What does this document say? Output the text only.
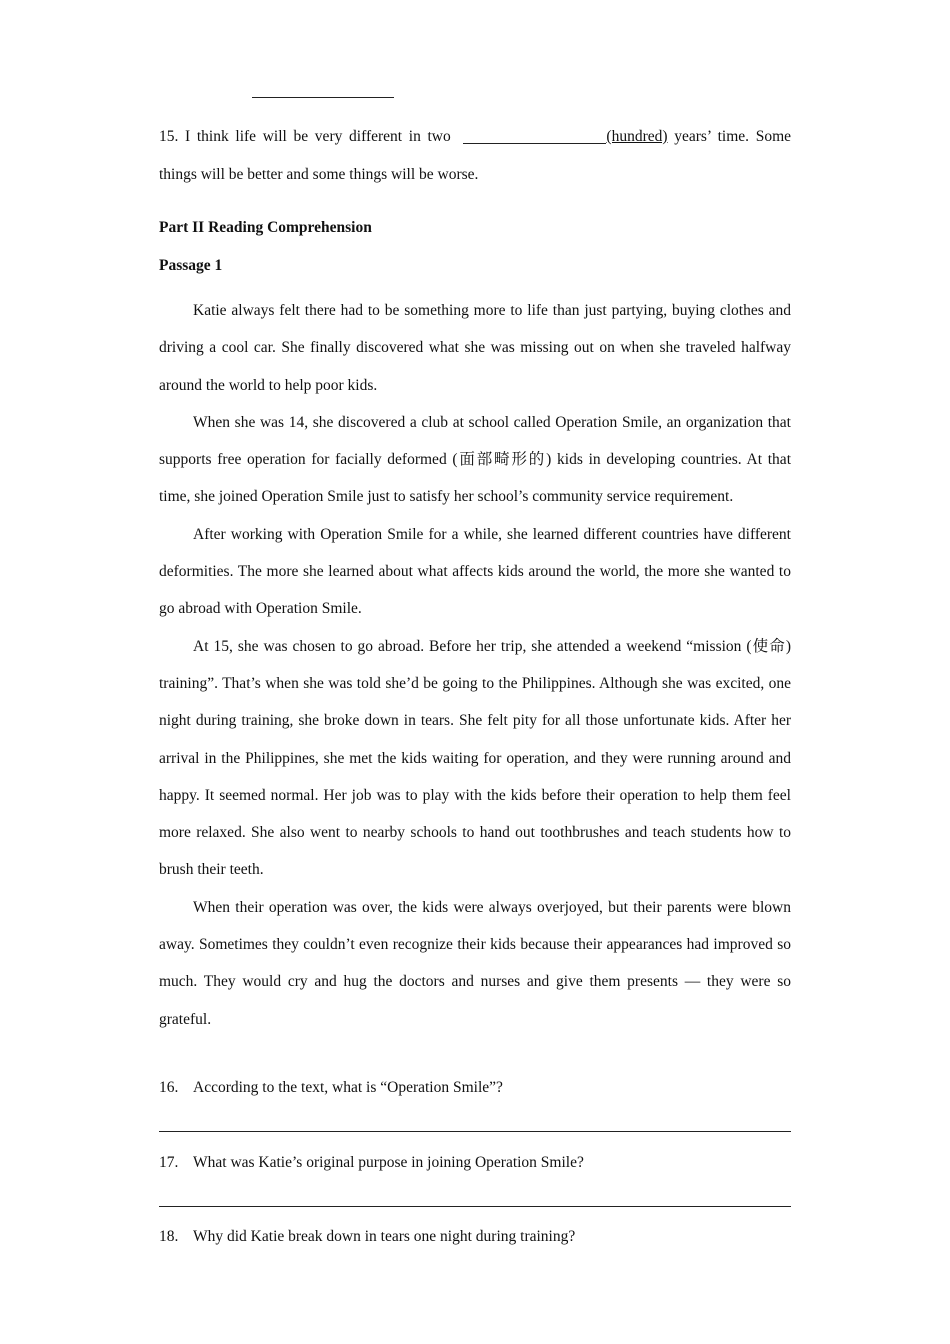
15. I think life will be very different in two	(hundred) years’ time. Some things will be better and some things will be worse.
Part II Reading Comprehension
Passage 1

Katie always felt there had to be something more to life than just partying, buying clothes and driving a cool car. She finally discovered what she was missing out on when she traveled halfway around the world to help poor kids.

When she was 14, she discovered a club at school called Operation Smile, an organization that supports free operation for facially deformed (面部畸形的) kids in developing countries. At that time, she joined Operation Smile just to satisfy her school’s community service requirement.

After working with Operation Smile for a while, she learned different countries have different deformities. The more she learned about what affects kids around the world, the more she wanted to go abroad with Operation Smile.

At 15, she was chosen to go abroad. Before her trip, she attended a weekend “mission (使命) training”. That’s when she was told she’d be going to the Philippines. Although she was excited, one night during training, she broke down in tears. She felt pity for all those unfortunate kids. After her arrival in the Philippines, she met the kids waiting for operation, and they were running around and happy. It seemed normal. Her job was to play with the kids before their operation to help them feel more relaxed. She also went to nearby schools to hand out toothbrushes and teach students how to brush their teeth.

When their operation was over, the kids were always overjoyed, but their parents were blown away. Sometimes they couldn’t even recognize their kids because their appearances had improved so much. They would cry and hug the doctors and nurses and give them presents — they were so grateful.

16. According to the text, what is “Operation Smile”?
17. What was Katie’s original purpose in joining Operation Smile?
18. Why did Katie break down in tears one night during training?
